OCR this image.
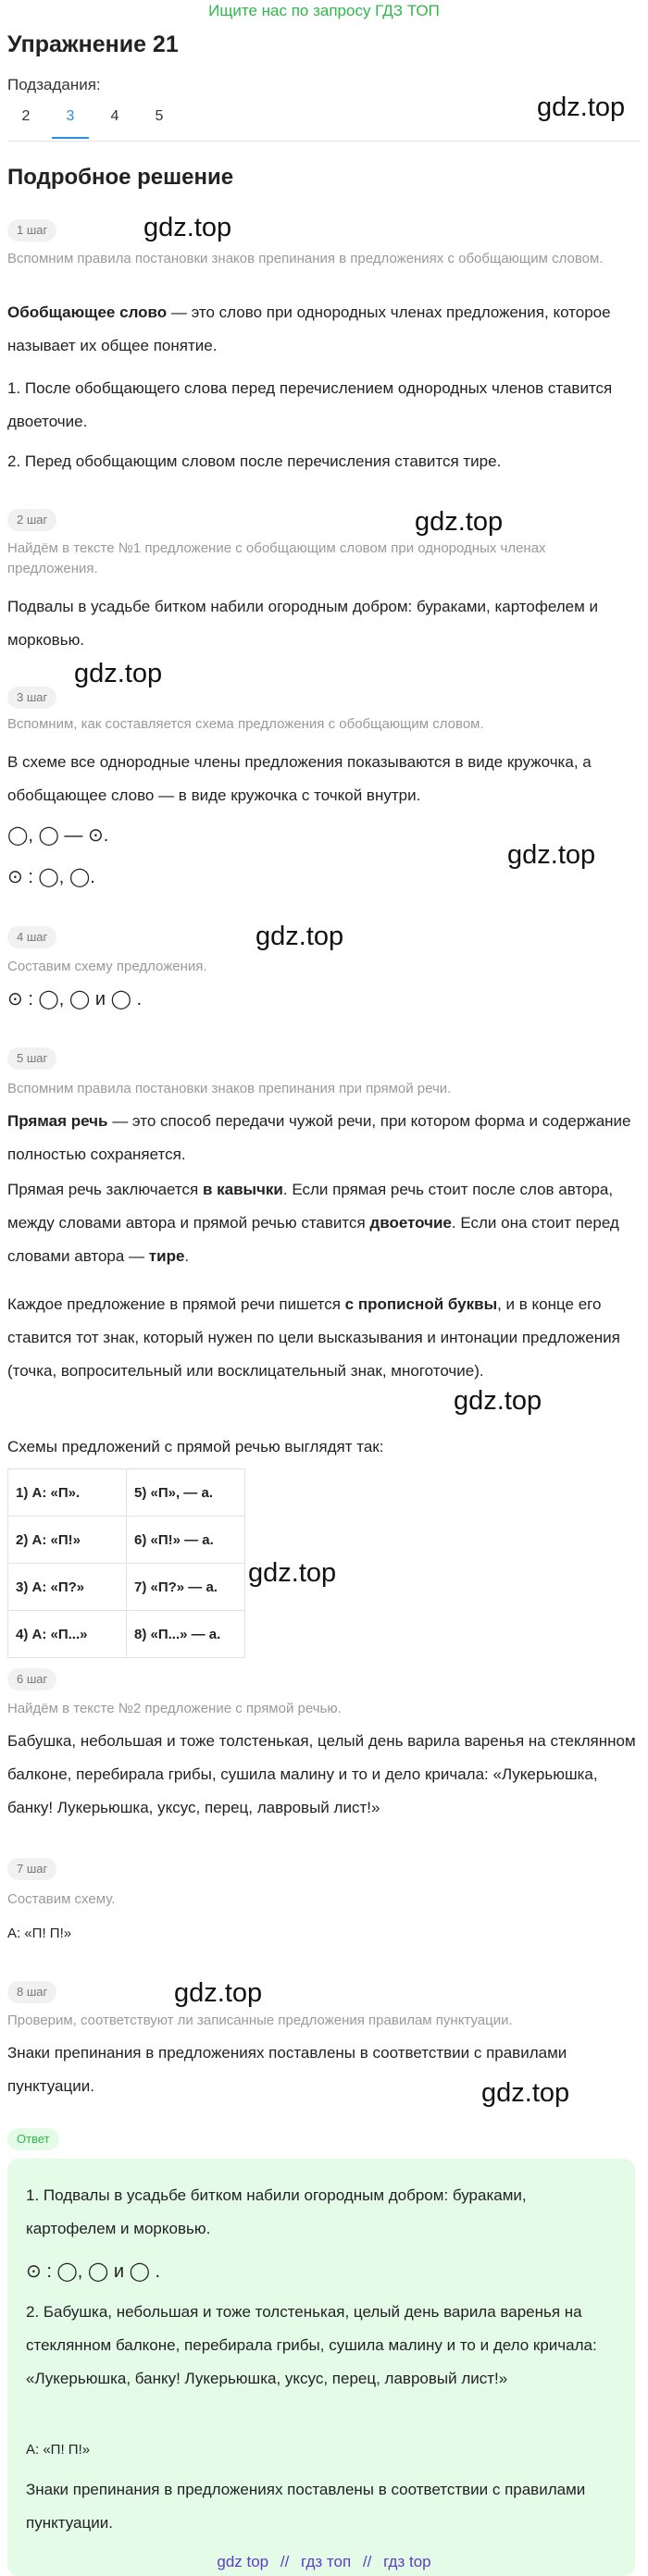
Ищите нас по запросу ГДЗ ТОП
Упражнение 21
Подзадания:
2	3	4	5	gdz.top
gdz.top
gdz.top
gdz.top
gdz.top
gdz.top
gdz.top
gdz.top
gdz.top
gdz.top
Подробное решение
1 шаг
Вспомним правила постановки знаков препинания в предложениях с обобщающим словом.
Обобщающее слово — это слово при однородных членах предложения, которое называет их общее понятие.
1. После обобщающего слова перед перечислением однородных членов ставится двоеточие.
2. Перед обобщающим словом после перечисления ставится тире.
2 шаг
Найдём в тексте №1 предложение с обобщающим словом при однородных членах предложения.
Подвалы в усадьбе битком набили огородным добром: бураками, картофелем и морковью.
3 шаг
Вспомним, как составляется схема предложения с обобщающим словом.
В схеме все однородные члены предложения показываются в виде кружочка, а обобщающее слово — в виде кружочка с точкой внутри.
◯, ◯ — ⊙.
⊙ : ◯, ◯.
4 шаг
Составим схему предложения.
⊙ : ◯, ◯ и ◯ .
5 шаг
Вспомним правила постановки знаков препинания при прямой речи.
Прямая речь — это способ передачи чужой речи, при котором форма и содержание полностью сохраняется.
Прямая речь заключается в кавычки. Если прямая речь стоит после слов автора, между словами автора и прямой речью ставится двоеточие. Если она стоит перед словами автора — тире.
Каждое предложение в прямой речи пишется с прописной буквы, и в конце его ставится тот знак, который нужен по цели высказывания и интонации предложения (точка, вопросительный или восклицательный знак, многоточие).
Схемы предложений с прямой речью выглядят так:
1) А: «П».	5) «П», — а.
2) А: «П!»	6) «П!» — а.
3) А: «П?»	7) «П?» — а.
4) А: «П...»	8) «П...» — а.
6 шаг
Найдём в тексте №2 предложение с прямой речью.
Бабушка, небольшая и тоже толстенькая, целый день варила варенья на стеклянном балконе, перебирала грибы, сушила малину и то и дело кричала: «Лукерьюшка, банку! Лукерьюшка, уксус, перец, лавровый лист!»
7 шаг
Составим схему.
А: «П! П!»
8 шаг
Проверим, соответствуют ли записанные предложения правилам пунктуации.
Знаки препинания в предложениях поставлены в соответствии с правилами пунктуации.
Ответ
1. Подвалы в усадьбе битком набили огородным добром: бураками, картофелем и морковью.
⊙ : ◯, ◯ и ◯ .
2. Бабушка, небольшая и тоже толстенькая, целый день варила варенья на стеклянном балконе, перебирала грибы, сушила малину и то и дело кричала: «Лукерьюшка, банку! Лукерьюшка, уксус, перец, лавровый лист!»
А: «П! П!»
Знаки препинания в предложениях поставлены в соответствии с правилами пунктуации.
gdz top // гдз топ // гдз top
